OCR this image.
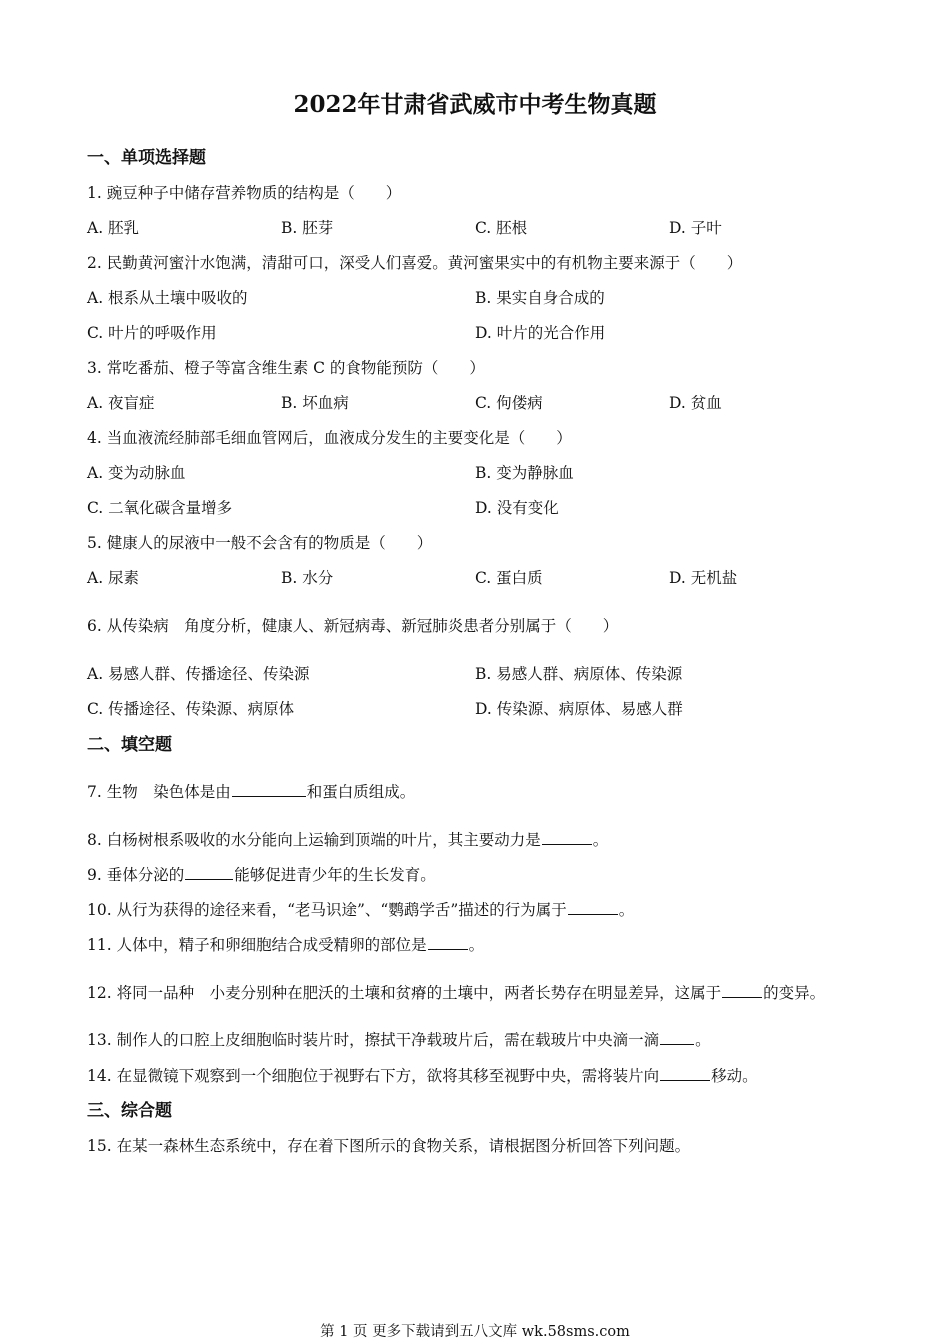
2022年甘肃省武威市中考生物真题
一、单项选择题
1. 豌豆种子中储存营养物质的结构是（　　）
A. 胚乳	B. 胚芽	C. 胚根	D. 子叶
2. 民勤黄河蜜汁水饱满，清甜可口，深受人们喜爱。黄河蜜果实中的有机物主要来源于（　　）
A. 根系从土壤中吸收的	B. 果实自身合成的
C. 叶片的呼吸作用	D. 叶片的光合作用
3. 常吃番茄、橙子等富含维生素 C 的食物能预防（　　）
A. 夜盲症	B. 坏血病	C. 佝偻病	D. 贫血
4. 当血液流经肺部毛细血管网后，血液成分发生的主要变化是（　　）
A. 变为动脉血	B. 变为静脉血
C. 二氧化碳含量增多	D. 没有变化
5. 健康人的尿液中一般不会含有的物质是（　　）
A. 尿素	B. 水分	C. 蛋白质	D. 无机盐
6. 从传染病　角度分析，健康人、新冠病毒、新冠肺炎患者分别属于（　　）
A. 易感人群、传播途径、传染源	B. 易感人群、病原体、传染源
C. 传播途径、传染源、病原体	D. 传染源、病原体、易感人群
二、填空题
7. 生物　染色体是由	和蛋白质组成。
8. 白杨树根系吸收的水分能向上运输到顶端的叶片，其主要动力是	。
9. 垂体分泌的	能够促进青少年的生长发育。
10. 从行为获得的途径来看，“老马识途”、“鹦鹉学舌”描述的行为属于	。
11. 人体中，精子和卵细胞结合成受精卵的部位是	。
12. 将同一品种　小麦分别种在肥沃的土壤和贫瘠的土壤中，两者长势存在明显差异，这属于	的变异。
13. 制作人的口腔上皮细胞临时装片时，擦拭干净载玻片后，需在载玻片中央滴一滴 。
14. 在显微镜下观察到一个细胞位于视野右下方，欲将其移至视野中央，需将装片向	移动。
三、综合题
15. 在某一森林生态系统中，存在着下图所示的食物关系，请根据图分析回答下列问题。
第 1 页 更多下载请到五八文库 wk.58sms.com
